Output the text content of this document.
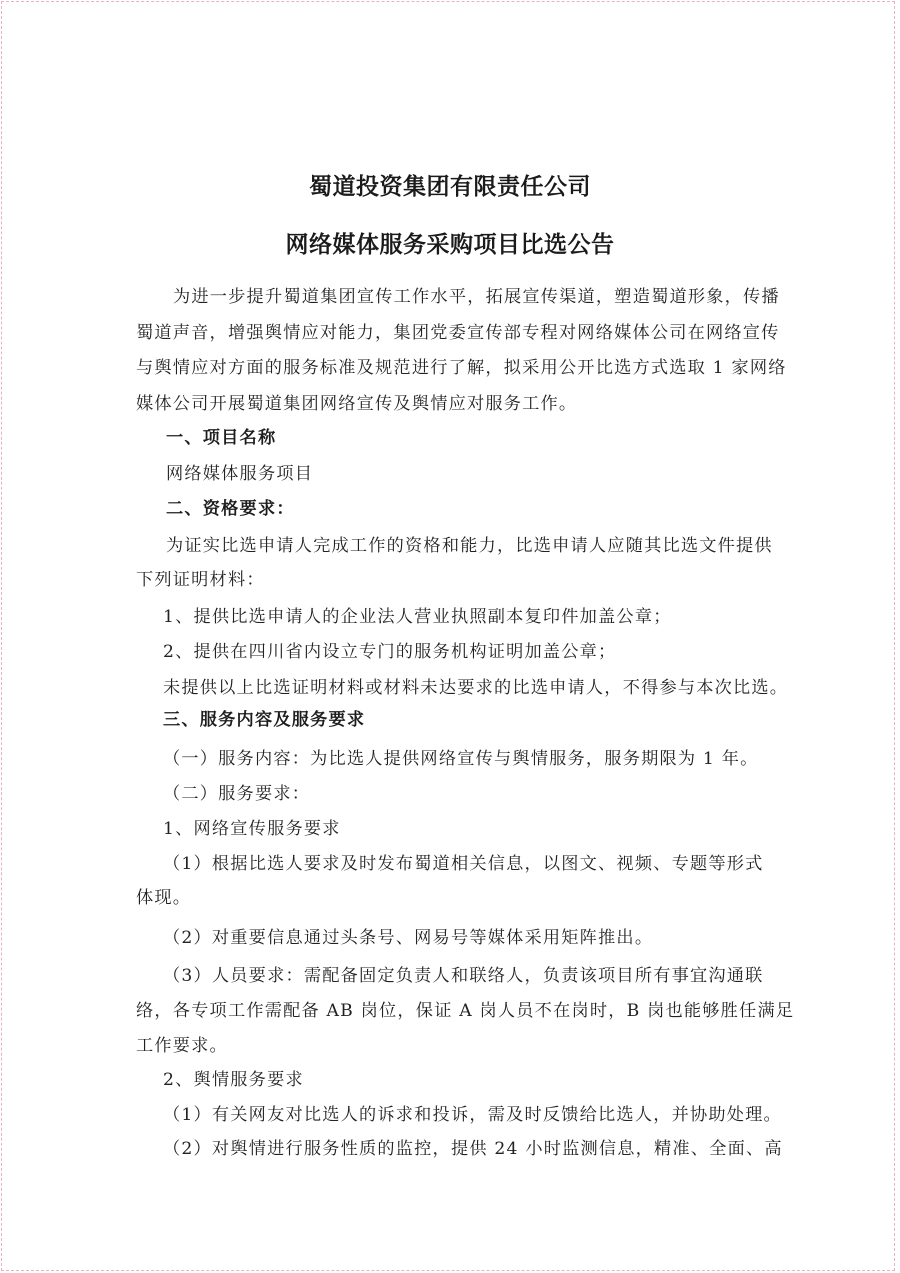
蜀道投资集团有限责任公司
网络媒体服务采购项目比选公告
为进一步提升蜀道集团宣传工作水平，拓展宣传渠道，塑造蜀道形象，传播
蜀道声音，增强舆情应对能力，集团党委宣传部专程对网络媒体公司在网络宣传
与舆情应对方面的服务标准及规范进行了解，拟采用公开比选方式选取 1 家网络
媒体公司开展蜀道集团网络宣传及舆情应对服务工作。
一、项目名称
网络媒体服务项目
二、资格要求：
为证实比选申请人完成工作的资格和能力，比选申请人应随其比选文件提供
下列证明材料：
1、提供比选申请人的企业法人营业执照副本复印件加盖公章；
2、提供在四川省内设立专门的服务机构证明加盖公章；
未提供以上比选证明材料或材料未达要求的比选申请人，不得参与本次比选。
三、服务内容及服务要求
（一）服务内容：为比选人提供网络宣传与舆情服务，服务期限为 1 年。
（二）服务要求：
1、网络宣传服务要求
（1）根据比选人要求及时发布蜀道相关信息，以图文、视频、专题等形式
体现。
（2）对重要信息通过头条号、网易号等媒体采用矩阵推出。
（3）人员要求：需配备固定负责人和联络人，负责该项目所有事宜沟通联
络，各专项工作需配备 AB 岗位，保证 A 岗人员不在岗时，B 岗也能够胜任满足
工作要求。
2、舆情服务要求
（1）有关网友对比选人的诉求和投诉，需及时反馈给比选人，并协助处理。
（2）对舆情进行服务性质的监控，提供 24 小时监测信息，精准、全面、高
